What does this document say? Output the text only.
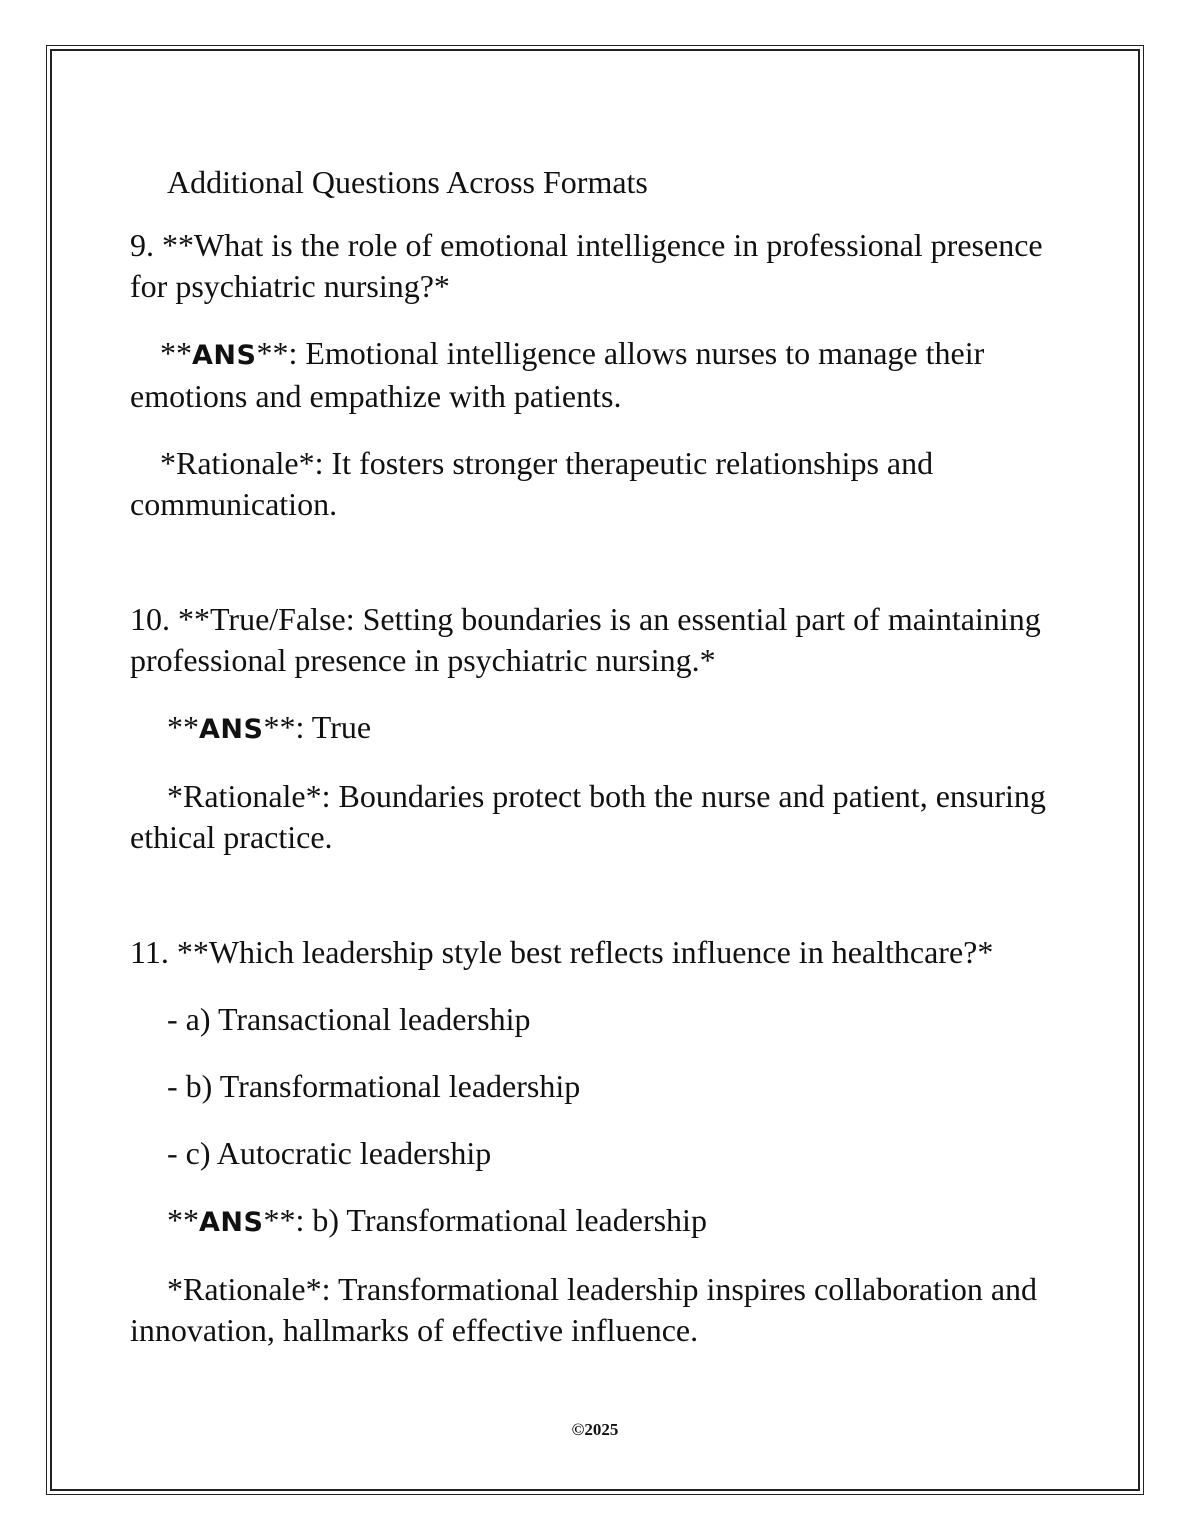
Additional Questions Across Formats

9. **What is the role of emotional intelligence in professional presence for psychiatric nursing?*

**ANS**: Emotional intelligence allows nurses to manage their emotions and empathize with patients.

*Rationale*: It fosters stronger therapeutic relationships and communication.

10. **True/False: Setting boundaries is an essential part of maintaining professional presence in psychiatric nursing.*

**ANS**: True

*Rationale*: Boundaries protect both the nurse and patient, ensuring ethical practice.

11. **Which leadership style best reflects influence in healthcare?*

- a) Transactional leadership

- b) Transformational leadership

- c) Autocratic leadership

**ANS**: b) Transformational leadership

*Rationale*: Transformational leadership inspires collaboration and innovation, hallmarks of effective influence.

©2025
